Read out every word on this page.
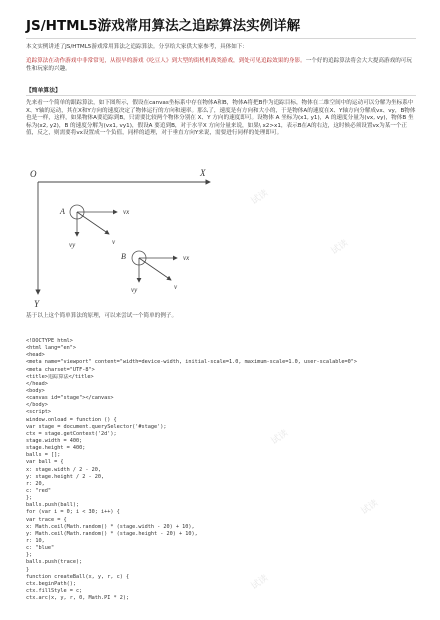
JS/HTML5游戏常用算法之追踪算法实例详解

本文实例讲述了JS/HTML5游戏常用算法之追踪算法。分享给大家供大家参考，具体如下：

追踪算法在动作游戏中非常常见，从很早的游戏《吃豆人》到大型的街机机战类游戏，到处可见追踪效果的身影。一个好的追踪算法将会大大提高游戏的可玩性和玩家的兴趣。

【简单算法】

先来看一个简单的跟踪算法，如下图所示，假设在canvas坐标系中存在物体A和B，物体A将把B作为追踪目标，物体在二维空间中的运动可以分解为坐标系中X、Y轴的运动，其在X和Y方向的速度决定了物体运行的方向和速率。那么了，速度是有方向和大小的，于是物体A的速度在X、Y轴方向分解成vx、vy，B物体也是一样，这样，如果物体A要追踪到B，只需要比较两个物体分别在 X、Y 方向的速度即可。设物体 A 坐标为(x1, y1)，A 的速度分量为(vx, vy)，物体B 坐标为(x2, y2)，B 的速度分解为(vx1, vy1)，假设A 要追到B，对于水平X 方向分量来说，如果\ x2>x1，表示B在A的右边，这时候必须设置vx为某一个正值，反之，则需要将vx设置成一个负值，同样的道理，对于垂直方向Y来说，需要进行同样的处理即可。

O	X
Y
A	vx
vy	v
B	vx
vy	v

基于以上这个简单算法的原理，可以来尝试一个简单的例子。

<!DOCTYPE html>
<html lang="en">
<head>
<meta name="viewport" content="width=device-width, initial-scale=1.0, maximum-scale=1.0, user-scalable=0">
<meta charset="UTF-8">
<title>追踪算法</title>
</head>
<body>
<canvas id="stage"></canvas>
</body>
<script>
window.onload = function () {
var stage = document.querySelector('#stage');
ctx = stage.getContext('2d');
stage.width = 400;
stage.height = 400;
balls = [];
var ball = {
x: stage.width / 2 - 20,
y: stage.height / 2 - 20,
r: 20,
c: "red"
};
balls.push(ball);
for (var i = 0; i < 30; i++) {
var trace = {
x: Math.ceil(Math.random() * (stage.width - 20) + 10),
y: Math.ceil(Math.random() * (stage.height - 20) + 10),
r: 10,
c: "blue"
};
balls.push(trace);
}
function createBall(x, y, r, c) {
ctx.beginPath();
ctx.fillStyle = c;
ctx.arc(x, y, r, 0, Math.PI * 2);
试读
试读
试读
试读
试读
